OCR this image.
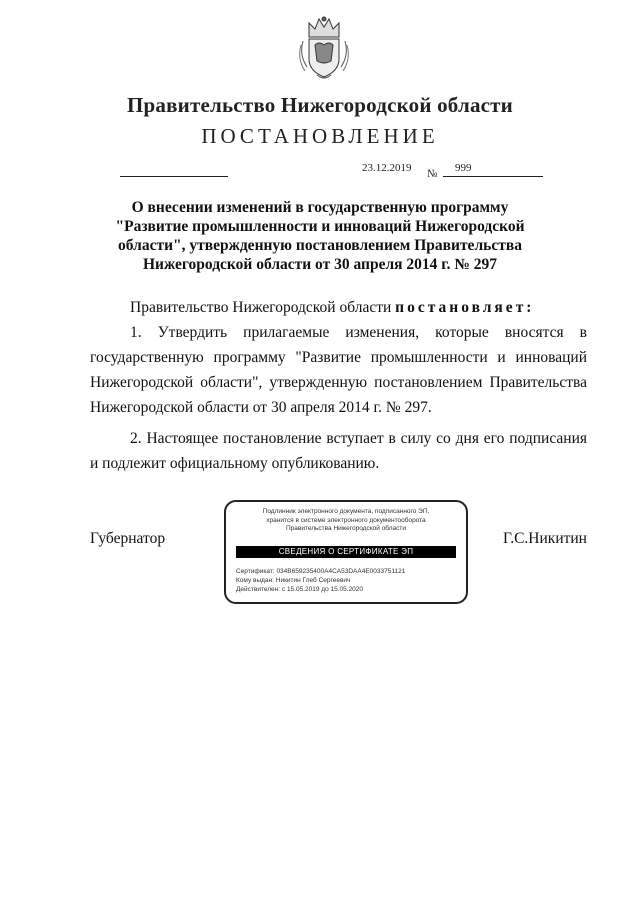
Правительство Нижегородской области
ПОСТАНОВЛЕНИЕ
23.12.2019 № 999
О внесении изменений в государственную программу
"Развитие промышленности и инноваций Нижегородской
области", утвержденную постановлением Правительства
Нижегородской области от 30 апреля 2014 г. № 297
Правительство Нижегородской области постановляет:
1. Утвердить прилагаемые изменения, которые вносятся в государственную программу "Развитие промышленности и инноваций Нижегородской области", утвержденную постановлением Правительства Нижегородской области от 30 апреля 2014 г. № 297.
2. Настоящее постановление вступает в силу со дня его подписания и подлежит официальному опубликованию.
Губернатор	Г.С.Никитин
Подлинник электронного документа, подписанного ЭП,
хранится в системе электронного документооборота
Правительства Нижегородской области
СВЕДЕНИЯ О СЕРТИФИКАТЕ ЭП
Сертификат: 034B659235400A4CA53DAA4E0033751121
Кому выдан: Никитин Глеб Сергеевич
Действителен: с 15.05.2019 до 15.05.2020
